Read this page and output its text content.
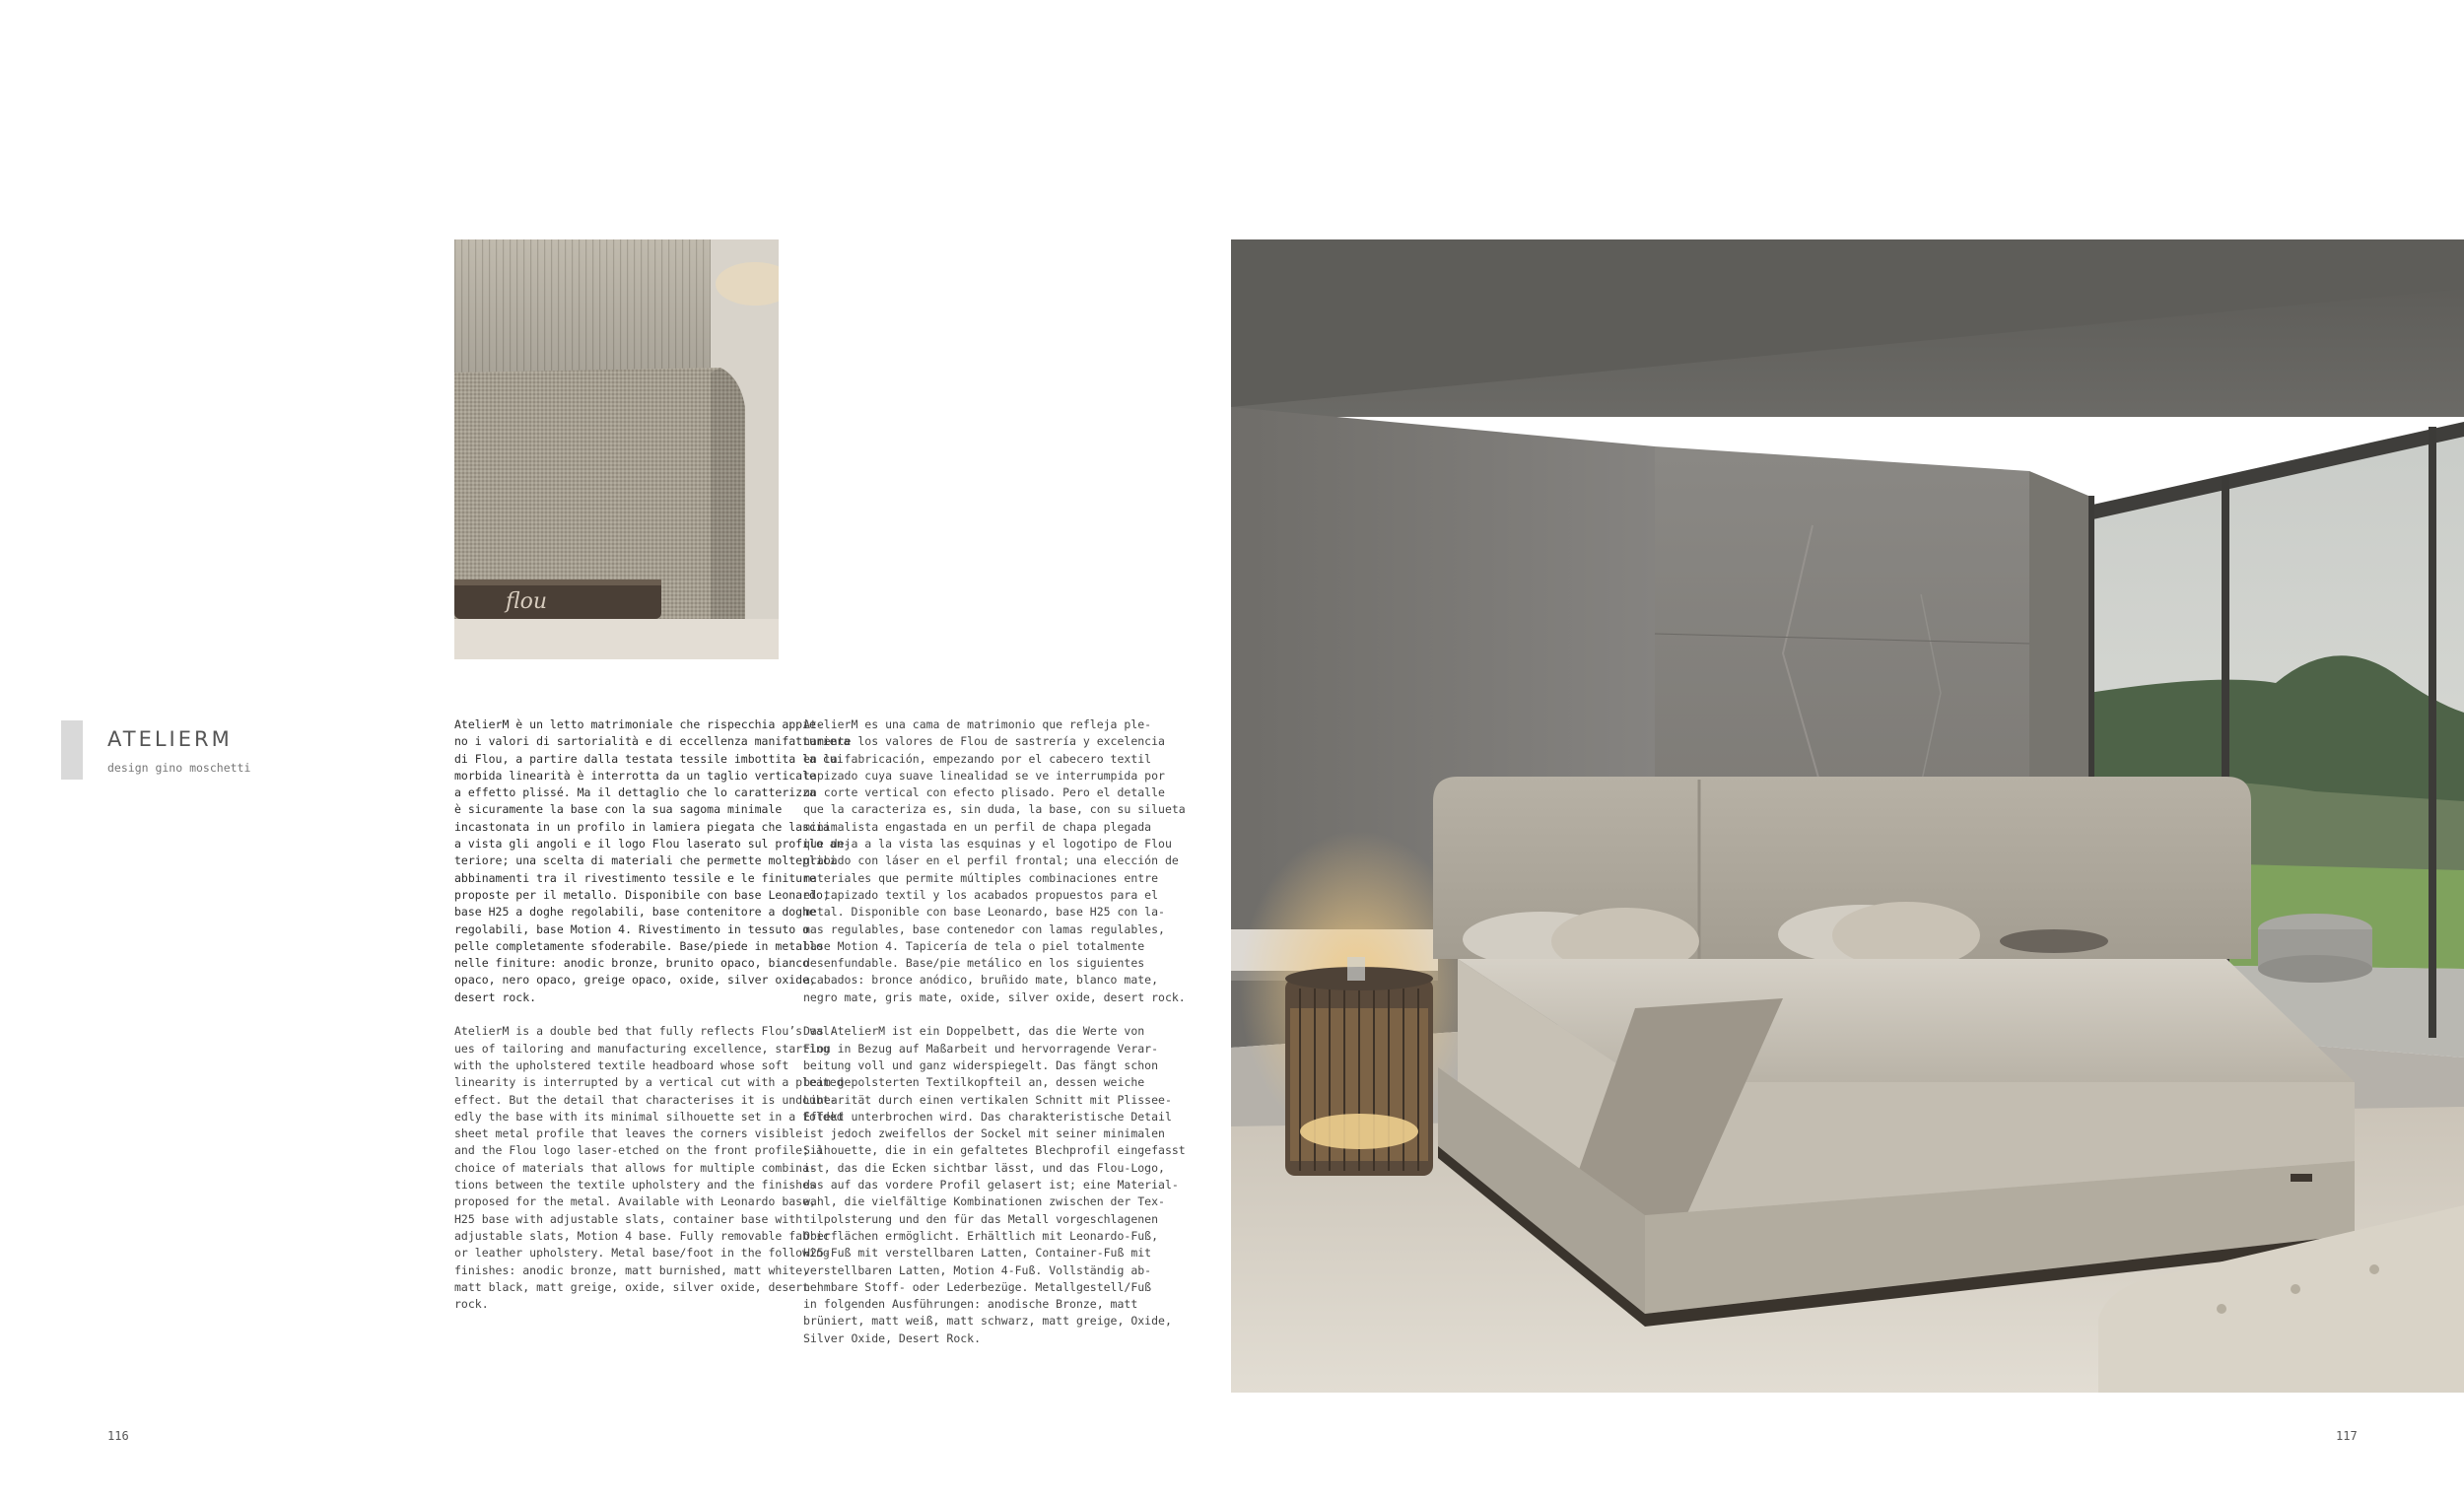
flou
ATELIERM
design gino moschetti

AtelierM è un letto matrimoniale che rispecchia appie-
no i valori di sartorialità e di eccellenza manifatturiera
di Flou, a partire dalla testata tessile imbottita la cui
morbida linearità è interrotta da un taglio verticale
a effetto plissé. Ma il dettaglio che lo caratterizza
è sicuramente la base con la sua sagoma minimale
incastonata in un profilo in lamiera piegata che lascia
a vista gli angoli e il logo Flou laserato sul profilo an-
teriore; una scelta di materiali che permette molteplici
abbinamenti tra il rivestimento tessile e le finiture
proposte per il metallo. Disponibile con base Leonardo,
base H25 a doghe regolabili, base contenitore a doghe
regolabili, base Motion 4. Rivestimento in tessuto o
pelle completamente sfoderabile. Base/piede in metallo
nelle finiture: anodic bronze, brunito opaco, bianco
opaco, nero opaco, greige opaco, oxide, silver oxide,
desert rock.

AtelierM is a double bed that fully reflects Flou’s val-
ues of tailoring and manufacturing excellence, starting
with the upholstered textile headboard whose soft
linearity is interrupted by a vertical cut with a pleated
effect. But the detail that characterises it is undoubt-
edly the base with its minimal silhouette set in a folded
sheet metal profile that leaves the corners visible
and the Flou logo laser-etched on the front profile; a
choice of materials that allows for multiple combina-
tions between the textile upholstery and the finishes
proposed for the metal. Available with Leonardo base,
H25 base with adjustable slats, container base with
adjustable slats, Motion 4 base. Fully removable fabric
or leather upholstery. Metal base/foot in the following
finishes: anodic bronze, matt burnished, matt white,
matt black, matt greige, oxide, silver oxide, desert
rock.

AtelierM es una cama de matrimonio que refleja ple-
namente los valores de Flou de sastrería y excelencia
en la fabricación, empezando por el cabecero textil
tapizado cuya suave linealidad se ve interrumpida por
un corte vertical con efecto plisado. Pero el detalle
que la caracteriza es, sin duda, la base, con su silueta
minimalista engastada en un perfil de chapa plegada
que deja a la vista las esquinas y el logotipo de Flou
grabado con láser en el perfil frontal; una elección de
materiales que permite múltiples combinaciones entre
el tapizado textil y los acabados propuestos para el
metal. Disponible con base Leonardo, base H25 con la-
mas regulables, base contenedor con lamas regulables,
base Motion 4. Tapicería de tela o piel totalmente
desenfundable. Base/pie metálico en los siguientes
acabados: bronce anódico, bruñido mate, blanco mate,
negro mate, gris mate, oxide, silver oxide, desert rock.

Das AtelierM ist ein Doppelbett, das die Werte von
Flou in Bezug auf Maßarbeit und hervorragende Verar-
beitung voll und ganz widerspiegelt. Das fängt schon
beim gepolsterten Textilkopfteil an, dessen weiche
Linearität durch einen vertikalen Schnitt mit Plissee-
Effekt unterbrochen wird. Das charakteristische Detail
ist jedoch zweifellos der Sockel mit seiner minimalen
Silhouette, die in ein gefaltetes Blechprofil eingefasst
ist, das die Ecken sichtbar lässt, und das Flou-Logo,
das auf das vordere Profil gelasert ist; eine Material-
wahl, die vielfältige Kombinationen zwischen der Tex-
tilpolsterung und den für das Metall vorgeschlagenen
Oberflächen ermöglicht. Erhältlich mit Leonardo-Fuß,
H25-Fuß mit verstellbaren Latten, Container-Fuß mit
verstellbaren Latten, Motion 4-Fuß. Vollständig ab-
nehmbare Stoff- oder Lederbezüge. Metallgestell/Fuß
in folgenden Ausführungen: anodische Bronze, matt
brüniert, matt weiß, matt schwarz, matt greige, Oxide,
Silver Oxide, Desert Rock.

116	117
